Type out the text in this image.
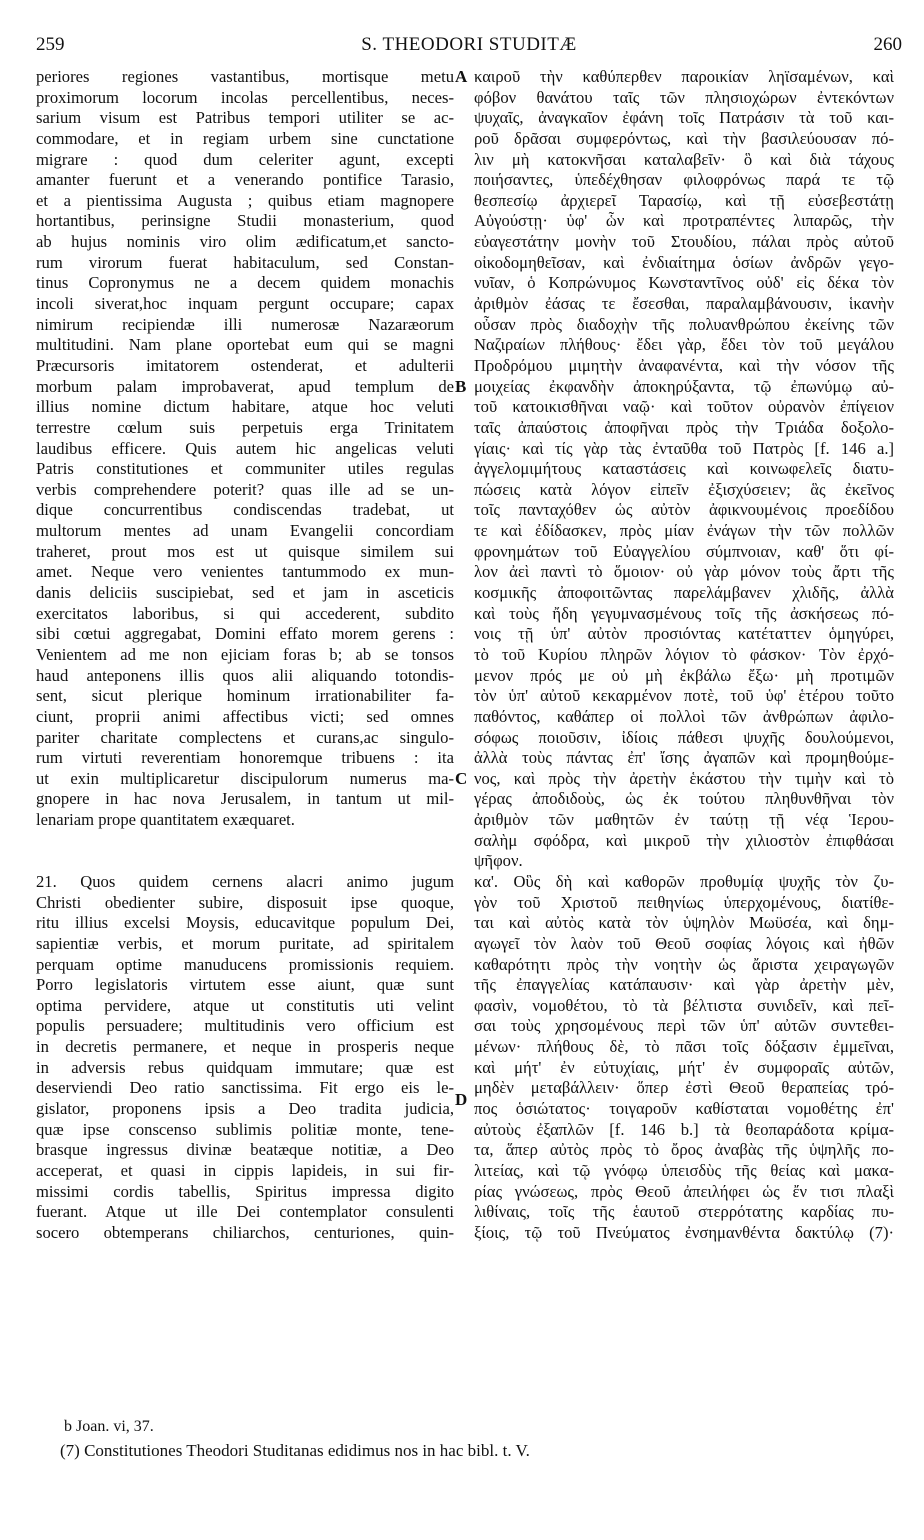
259	S. THEODORI STUDITÆ	260
periores regiones vastantibus, mortisque metu
proximorum locorum incolas percellentibus, neces-
sarium visum est Patribus tempori utiliter se ac-
commodare, et in regiam urbem sine cunctatione
migrare : quod dum celeriter agunt, excepti
amanter fuerunt et a venerando pontifice Tarasio,
et a pientissima Augusta ; quibus etiam magnopere
hortantibus, perinsigne Studii monasterium, quod
ab hujus nominis viro olim ædificatum,et sancto-
rum virorum fuerat habitaculum, sed Constan-
tinus Copronymus ne a decem quidem monachis
incoli siverat,hoc inquam pergunt occupare; capax
nimirum recipiendæ illi numerosæ Nazaræorum
multitudini. Nam plane oportebat eum qui se magni
Præcursoris imitatorem ostenderat, et adulterii
morbum palam improbaverat, apud templum de
illius nomine dictum habitare, atque hoc veluti
terrestre cœlum suis perpetuis erga Trinitatem
laudibus efficere. Quis autem hic angelicas veluti
Patris constitutiones et communiter utiles regulas
verbis comprehendere poterit? quas ille ad se un-
dique concurrentibus condiscendas tradebat, ut
multorum mentes ad unam Evangelii concordiam
traheret, prout mos est ut quisque similem sui
amet. Neque vero venientes tantummodo ex mun-
danis deliciis suscipiebat, sed et jam in asceticis
exercitatos laboribus, si qui accederent, subdito
sibi cœtui aggregabat, Domini effato morem gerens :
Venientem ad me non ejiciam foras b; ab se tonsos
haud anteponens illis quos alii aliquando totondis-
sent, sicut plerique hominum irrationabiliter fa-
ciunt, proprii animi affectibus victi; sed omnes
pariter charitate complectens et curans,ac singulo-
rum virtuti reverentiam honoremque tribuens : ita
ut exin multiplicaretur discipulorum numerus ma-
gnopere in hac nova Jerusalem, in tantum ut mil-
lenariam prope quantitatem exæquaret.
21. Quos quidem cernens alacri animo jugum
Christi obedienter subire, disposuit ipse quoque,
ritu illius excelsi Moysis, educavitque populum Dei,
sapientiæ verbis, et morum puritate, ad spiritalem
perquam optime manuducens promissionis requiem.
Porro legislatoris virtutem esse aiunt, quæ sunt
optima pervidere, atque ut constitutis uti velint
populis persuadere; multitudinis vero officium est
in decretis permanere, et neque in prosperis neque
in adversis rebus quidquam immutare; quæ est
deserviendi Deo ratio sanctissima. Fit ergo eis le-
gislator, proponens ipsis a Deo tradita judicia,
quæ ipse conscenso sublimis politiæ monte, tene-
brasque ingressus divinæ beatæque notitiæ, a Deo
acceperat, et quasi in cippis lapideis, in sui fir-
missimi cordis tabellis, Spiritus impressa digito
fuerant. Atque ut ille Dei contemplator consulenti
socero obtemperans chiliarchos, centuriones, quin-
καιροῦ τὴν καθύπερθεν παροικίαν ληϊσαμένων, καὶ
φόβον θανάτου ταῖς τῶν πλησιοχώρων ἐντεκόντων
ψυχαῖς, ἀναγκαῖον ἐφάνη τοῖς Πατράσιν τὰ τοῦ και-
ροῦ δρᾶσαι συμφερόντως, καὶ τὴν βασιλεύουσαν πό-
λιν μὴ κατοκνῆσαι καταλαβεῖν· ὃ καὶ διὰ τάχους
ποιήσαντες, ὑπεδέχθησαν φιλοφρόνως παρά τε τῷ
θεσπεσίῳ ἀρχιερεῖ Ταρασίῳ, καὶ τῇ εὐσεβεστάτῃ
Αὐγούστῃ· ὑφ' ὧν καὶ προτραπέντες λιπαρῶς, τὴν
εὐαγεστάτην μονὴν τοῦ Στουδίου, πάλαι πρὸς αὐτοῦ
οἰκοδομηθεῖσαν, καὶ ἐνδιαίτημα ὁσίων ἀνδρῶν γεγο-
νυῖαν, ὁ Κοπρώνυμος Κωνσταντῖνος οὐδ' εἰς δέκα τὸν
ἀριθμὸν ἐάσας τε ἔσεσθαι, παραλαμβάνουσιν, ἱκανὴν
οὖσαν πρὸς διαδοχὴν τῆς πολυανθρώπου ἐκείνης τῶν
Ναζιραίων πλήθους· ἔδει γὰρ, ἔδει τὸν τοῦ μεγάλου
Προδρόμου μιμητὴν ἀναφανέντα, καὶ τὴν νόσον τῆς
μοιχείας ἐκφανδὴν ἀποκηρύξαντα, τῷ ἐπωνύμῳ αὐ-
τοῦ κατοικισθῆναι ναῷ· καὶ τοῦτον οὐρανὸν ἐπίγειον
ταῖς ἀπαύστοις ἀποφῆναι πρὸς τὴν Τριάδα δοξολο-
γίαις· καὶ τίς γὰρ τὰς ἐνταῦθα τοῦ Πατρὸς [f. 146 a.]
ἀγγελομιμήτους καταστάσεις καὶ κοινωφελεῖς διατυ-
πώσεις κατὰ λόγον εἰπεῖν ἐξισχύσειεν; ἃς ἐκεῖνος
τοῖς πανταχόθεν ὡς αὐτὸν ἀφικνουμένοις προεδίδου
τε καὶ ἐδίδασκεν, πρὸς μίαν ἐνάγων τὴν τῶν πολλῶν
φρονημάτων τοῦ Εὐαγγελίου σύμπνοιαν, καθ' ὅτι φί-
λον ἀεὶ παντὶ τὸ ὅμοιον· οὐ γὰρ μόνον τοὺς ἄρτι τῆς
κοσμικῆς ἀποφοιτῶντας παρελάμβανεν χλιδῆς, ἀλλὰ
καὶ τοὺς ἤδη γεγυμνασμένους τοῖς τῆς ἀσκήσεως πό-
νοις τῇ ὑπ' αὐτὸν προσιόντας κατέταττεν ὁμηγύρει,
τὸ τοῦ Κυρίου πληρῶν λόγιον τὸ φάσκον· Τὸν ἐρχό-
μενον πρός με οὐ μὴ ἐκβάλω ἔξω· μὴ προτιμῶν
τὸν ὑπ' αὐτοῦ κεκαρμένον ποτὲ, τοῦ ὑφ' ἑτέρου τοῦτο
παθόντος, καθάπερ οἱ πολλοὶ τῶν ἀνθρώπων ἀφιλο-
σόφως ποιοῦσιν, ἰδίοις πάθεσι ψυχῆς δουλούμενοι,
ἀλλὰ τοὺς πάντας ἐπ' ἴσης ἀγαπῶν καὶ προμηθούμε-
νος, καὶ πρὸς τὴν ἀρετὴν ἑκάστου τὴν τιμὴν καὶ τὸ
γέρας ἀποδιδοὺς, ὡς ἐκ τούτου πληθυνθῆναι τὸν
ἀριθμὸν τῶν μαθητῶν ἐν ταύτῃ τῇ νέᾳ Ἱερου-
σαλὴμ σφόδρα, καὶ μικροῦ τὴν χιλιοστὸν ἐπιφθάσαι
ψῆφον.
κα'. Οὓς δὴ καὶ καθορῶν προθυμίᾳ ψυχῆς τὸν ζυ-
γὸν τοῦ Χριστοῦ πειθηνίως ὑπερχομένους, διατίθε-
ται καὶ αὐτὸς κατὰ τὸν ὑψηλὸν Μωϋσέα, καὶ δημ-
αγωγεῖ τὸν λαὸν τοῦ Θεοῦ σοφίας λόγοις καὶ ἠθῶν
καθαρότητι πρὸς τὴν νοητὴν ὡς ἄριστα χειραγωγῶν
τῆς ἐπαγγελίας κατάπαυσιν· καὶ γὰρ ἀρετὴν μὲν,
φασὶν, νομοθέτου, τὸ τὰ βέλτιστα συνιδεῖν, καὶ πεῖ-
σαι τοὺς χρησομένους περὶ τῶν ὑπ' αὐτῶν συντεθει-
μένων· πλήθους δὲ, τὸ πᾶσι τοῖς δόξασιν ἐμμεῖναι,
καὶ μήτ' ἐν εὐτυχίαις, μήτ' ἐν συμφοραῖς αὐτῶν,
μηδὲν μεταβάλλειν· ὅπερ ἐστὶ Θεοῦ θεραπείας τρό-
πος ὁσιώτατος· τοιγαροῦν καθίσταται νομοθέτης ἐπ'
αὐτοὺς ἐξαπλῶν [f. 146 b.] τὰ θεοπαράδοτα κρίμα-
τα, ἅπερ αὐτὸς πρὸς τὸ ὄρος ἀναβὰς τῆς ὑψηλῆς πο-
λιτείας, καὶ τῷ γνόφῳ ὑπεισδὺς τῆς θείας καὶ μακα-
ρίας γνώσεως, πρὸς Θεοῦ ἀπειλήφει ὡς ἔν τισι πλαξὶ
λιθίναις, τοῖς τῆς ἑαυτοῦ στερρότατης καρδίας πυ-
ξίοις, τῷ τοῦ Πνεύματος ἐνσημανθέντα δακτύλῳ (7)·
A
B
C
D
b Joan. vi, 37.
(7) Constitutiones Theodori Studitanas edidimus nos in hac bibl. t. V.
